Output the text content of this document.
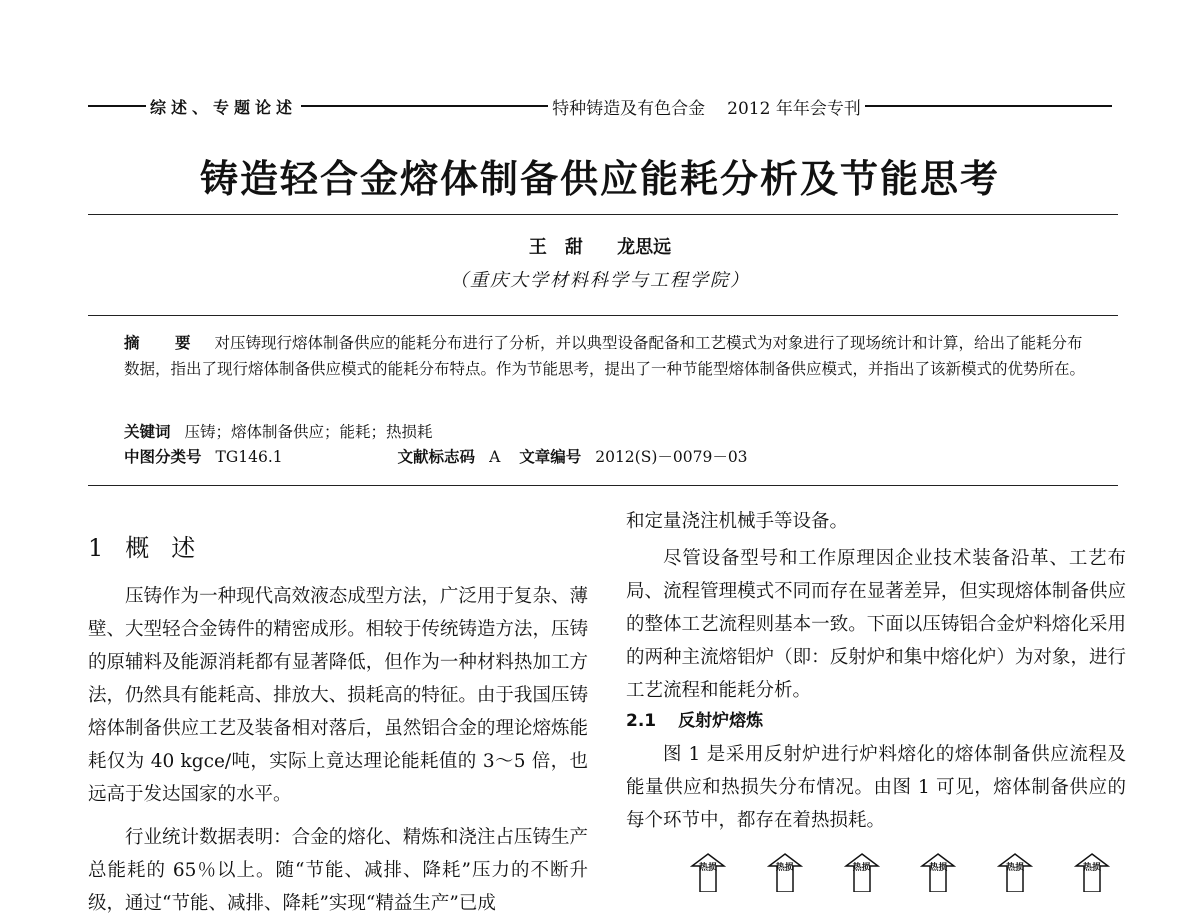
综述、专题论述	特种铸造及有色合金 2012 年年会专刊
铸造轻合金熔体制备供应能耗分析及节能思考
王　甜 龙思远
（重庆大学材料科学与工程学院）
摘　要 对压铸现行熔体制备供应的能耗分布进行了分析，并以典型设备配备和工艺模式为对象进行了现场统计和计算，给出了能耗分布数据，指出了现行熔体制备供应模式的能耗分布特点。作为节能思考，提出了一种节能型熔体制备供应模式，并指出了该新模式的优势所在。
关键词 压铸；熔体制备供应；能耗；热损耗
中图分类号 TG146.1	文献标志码 A 文章编号 2012(S)－0079－03
1 概述

压铸作为一种现代高效液态成型方法，广泛用于复杂、薄壁、大型轻合金铸件的精密成形。相较于传统铸造方法，压铸的原辅料及能源消耗都有显著降低，但作为一种材料热加工方法，仍然具有能耗高、排放大、损耗高的特征。由于我国压铸熔体制备供应工艺及装备相对落后，虽然铝合金的理论熔炼能耗仅为 40 kgce/吨，实际上竟达理论能耗值的 3～5 倍，也远高于发达国家的水平。

行业统计数据表明：合金的熔化、精炼和浇注占压铸生产总能耗的 65％以上。随“节能、减排、降耗”压力的不断升级，通过“节能、减排、降耗”实现“精益生产”已成

和定量浇注机械手等设备。

尽管设备型号和工作原理因企业技术装备沿革、工艺布局、流程管理模式不同而存在显著差异，但实现熔体制备供应的整体工艺流程则基本一致。下面以压铸铝合金炉料熔化采用的两种主流熔铝炉（即：反射炉和集中熔化炉）为对象，进行工艺流程和能耗分析。

2.1 反射炉熔炼

图 1 是采用反射炉进行炉料熔化的熔体制备供应流程及能量供应和热损失分布情况。由图 1 可见，熔体制备供应的每个环节中，都存在着热损耗。

热损	热损	热损	热损	热损	热损
